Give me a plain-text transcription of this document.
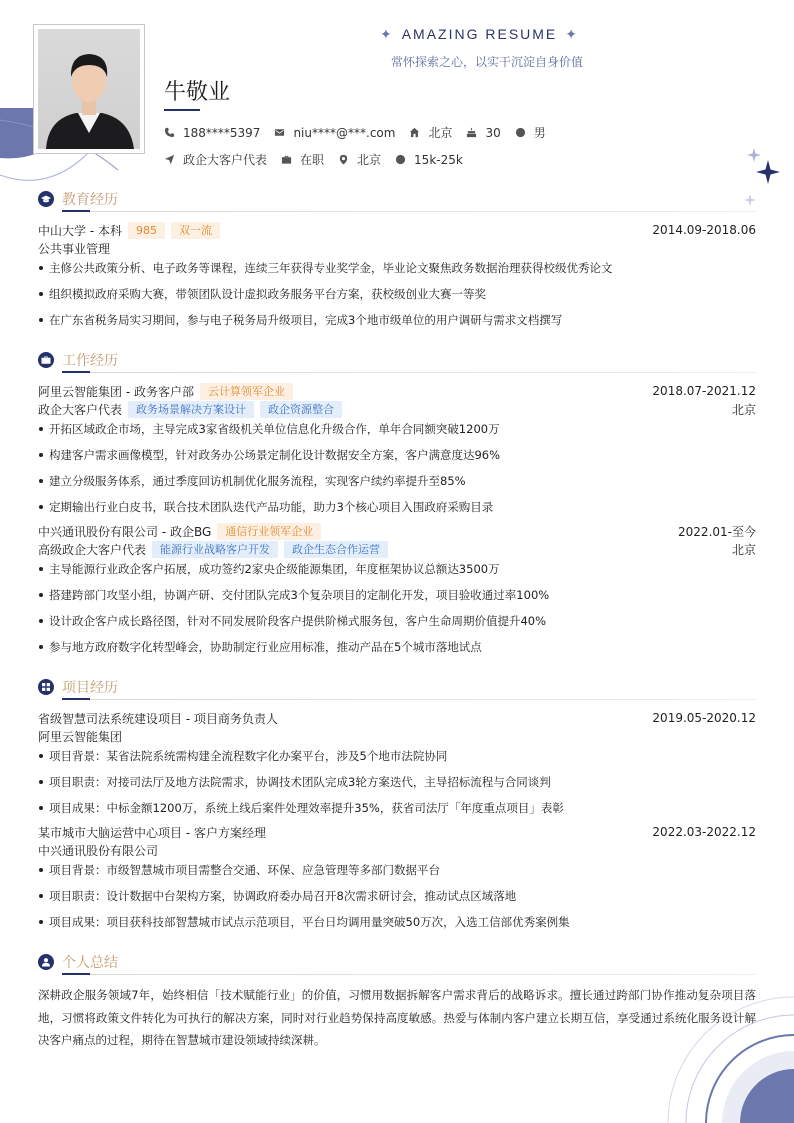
✦ AMAZING RESUME ✦
常怀探索之心，以实干沉淀自身价值
牛敬业
188****5397	niu****@***.com	北京	30	男
政企大客户代表	在职	北京	15k-25k
教育经历
中山大学 - 本科	985	双一流	2014.09-2018.06
公共事业管理
主修公共政策分析、电子政务等课程，连续三年获得专业奖学金，毕业论文聚焦政务数据治理获得校级优秀论文
组织模拟政府采购大赛，带领团队设计虚拟政务服务平台方案，获校级创业大赛一等奖
在广东省税务局实习期间，参与电子税务局升级项目，完成3个地市级单位的用户调研与需求文档撰写
工作经历
阿里云智能集团 - 政务客户部	云计算领军企业	2018.07-2021.12
政企大客户代表	政务场景解决方案设计	政企资源整合	北京
开拓区域政企市场，主导完成3家省级机关单位信息化升级合作，单年合同额突破1200万
构建客户需求画像模型，针对政务办公场景定制化设计数据安全方案，客户满意度达96%
建立分级服务体系，通过季度回访机制优化服务流程，实现客户续约率提升至85%
定期输出行业白皮书，联合技术团队迭代产品功能，助力3个核心项目入围政府采购目录
中兴通讯股份有限公司 - 政企BG	通信行业领军企业	2022.01-至今
高级政企大客户代表	能源行业战略客户开发	政企生态合作运营	北京
主导能源行业政企客户拓展，成功签约2家央企级能源集团，年度框架协议总额达3500万
搭建跨部门攻坚小组，协调产研、交付团队完成3个复杂项目的定制化开发，项目验收通过率100%
设计政企客户成长路径图，针对不同发展阶段客户提供阶梯式服务包，客户生命周期价值提升40%
参与地方政府数字化转型峰会，协助制定行业应用标准，推动产品在5个城市落地试点
项目经历
省级智慧司法系统建设项目 - 项目商务负责人	2019.05-2020.12
阿里云智能集团
项目背景：某省法院系统需构建全流程数字化办案平台，涉及5个地市法院协同
项目职责：对接司法厅及地方法院需求，协调技术团队完成3轮方案迭代，主导招标流程与合同谈判
项目成果：中标金额1200万，系统上线后案件处理效率提升35%，获省司法厅「年度重点项目」表彰
某市城市大脑运营中心项目 - 客户方案经理	2022.03-2022.12
中兴通讯股份有限公司
项目背景：市级智慧城市项目需整合交通、环保、应急管理等多部门数据平台
项目职责：设计数据中台架构方案，协调政府委办局召开8次需求研讨会，推动试点区域落地
项目成果：项目获科技部智慧城市试点示范项目，平台日均调用量突破50万次，入选工信部优秀案例集
个人总结
深耕政企服务领域7年，始终相信「技术赋能行业」的价值，习惯用数据拆解客户需求背后的战略诉求。擅长通过跨部门协作推动复杂项目落地，习惯将政策文件转化为可执行的解决方案，同时对行业趋势保持高度敏感。热爱与体制内客户建立长期互信，享受通过系统化服务设计解决客户痛点的过程，期待在智慧城市建设领域持续深耕。
